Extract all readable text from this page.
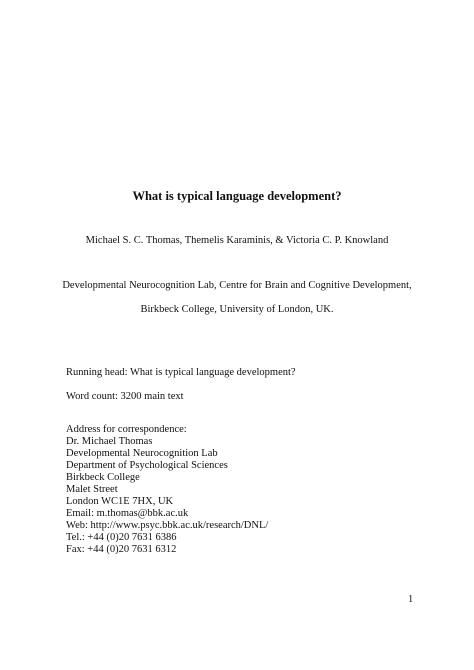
What is typical language development?
Michael S. C. Thomas, Themelis Karaminis, & Victoria C. P. Knowland
Developmental Neurocognition Lab, Centre for Brain and Cognitive Development,
Birkbeck College, University of London, UK.
Running head: What is typical language development?
Word count: 3200 main text
Address for correspondence:
Dr. Michael Thomas
Developmental Neurocognition Lab
Department of Psychological Sciences
Birkbeck College
Malet Street
London WC1E 7HX, UK
Email: m.thomas@bbk.ac.uk
Web: http://www.psyc.bbk.ac.uk/research/DNL/
Tel.: +44 (0)20 7631 6386
Fax: +44 (0)20 7631 6312
1
